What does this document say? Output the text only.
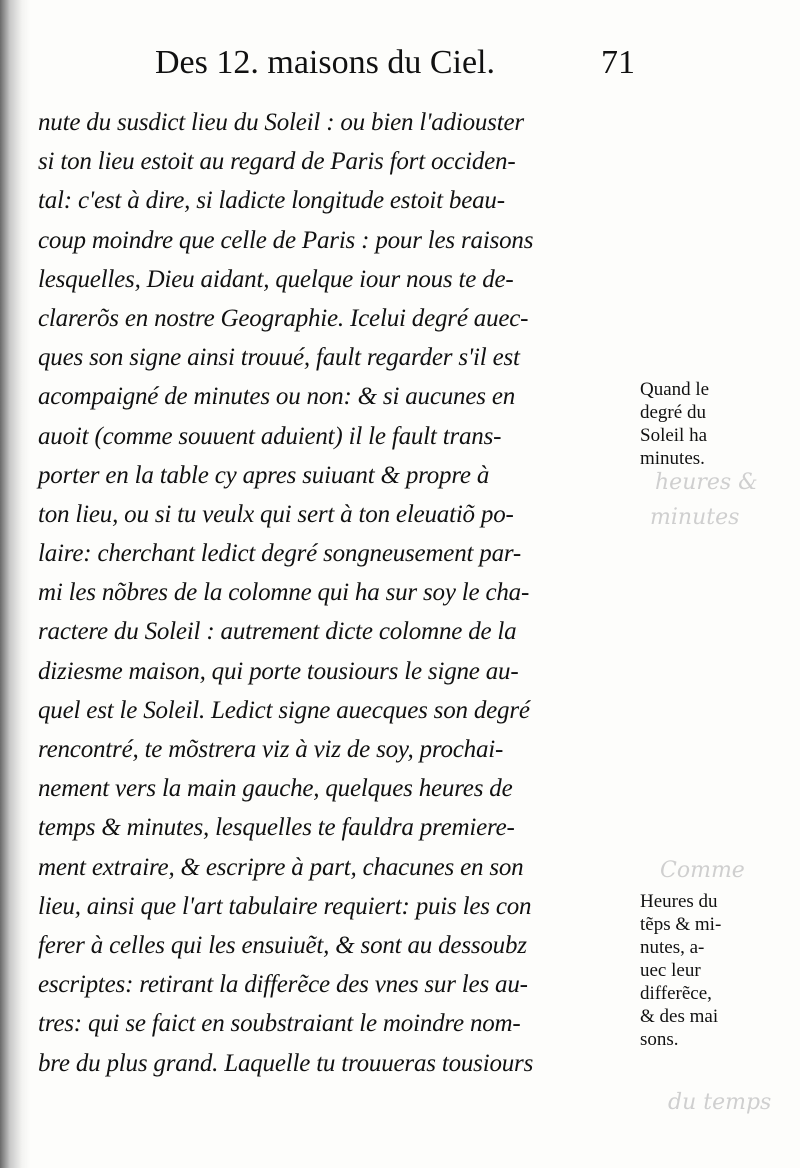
heures &
minutes
Comme
du temps
Des 12. maisons du Ciel.	71
nute du susdict lieu du Soleil : ou bien l'adiouster
si ton lieu estoit au regard de Paris fort occiden-
tal: c'est à dire, si ladicte longitude estoit beau-
coup moindre que celle de Paris : pour les raisons
lesquelles, Dieu aidant, quelque iour nous te de-
clarerõs en nostre Geographie. Icelui degré auec-
ques son signe ainsi trouué, fault regarder s'il est
acompaigné de minutes ou non: & si aucunes en
auoit (comme souuent aduient) il le fault trans-
porter en la table cy apres suiuant & propre à
ton lieu, ou si tu veulx qui sert à ton eleuatiõ po-
laire: cherchant ledict degré songneusement par-
mi les nõbres de la colomne qui ha sur soy le cha-
ractere du Soleil : autrement dicte colomne de la
diziesme maison, qui porte tousiours le signe au-
quel est le Soleil. Ledict signe auecques son degré
rencontré, te mõstrera viz à viz de soy, prochai-
nement vers la main gauche, quelques heures de
temps & minutes, lesquelles te fauldra premiere-
ment extraire, & escripre à part, chacunes en son
lieu, ainsi que l'art tabulaire requiert: puis les con
ferer à celles qui les ensuiuẽt, & sont au dessoubz
escriptes: retirant la differẽce des vnes sur les au-
tres: qui se faict en soubstraiant le moindre nom-
bre du plus grand. Laquelle tu trouueras tousiours
Quand le
degré du
Soleil ha
minutes.
Heures du
tẽps & mi-
nutes, a-
uec leur
differẽce,
& des mai
sons.
